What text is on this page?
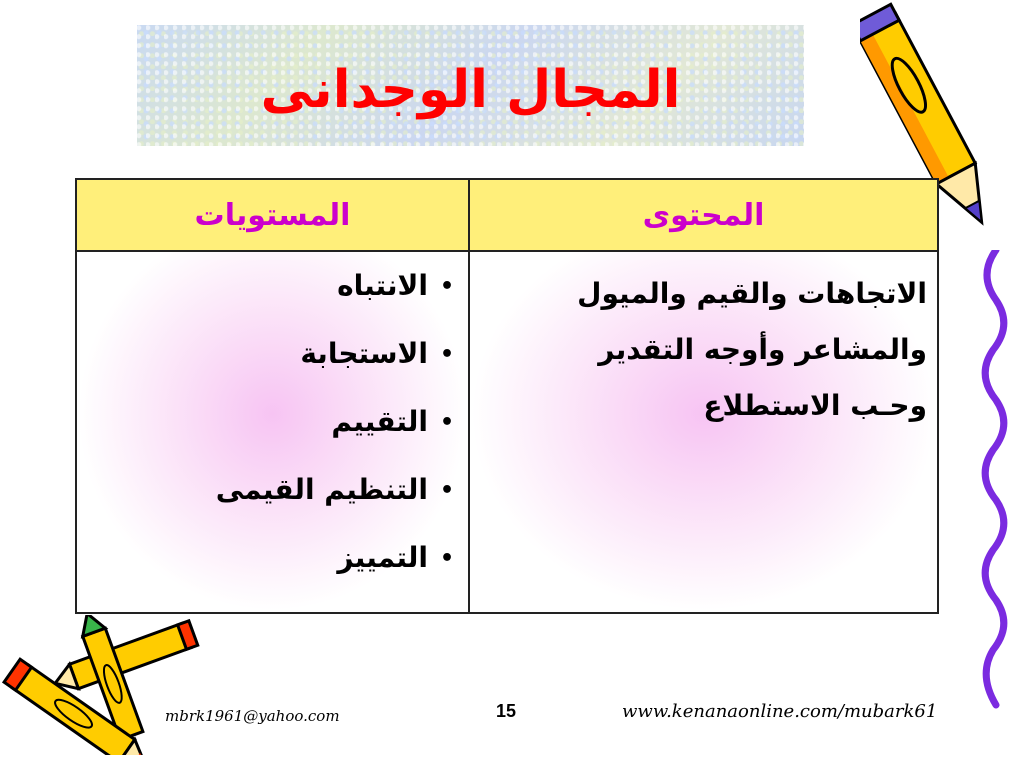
المجال الوجدانى
المستويات	المحتوى
•الانتباه
•الاستجابة
•التقييم
•التنظيم القيمى
•التمييز
الاتجاهات والقيم والميول
والمشاعر وأوجه التقدير
وحـب الاستطلاع
mbrk1961@yahoo.com	15	www.kenanaonline.com/mubark61
